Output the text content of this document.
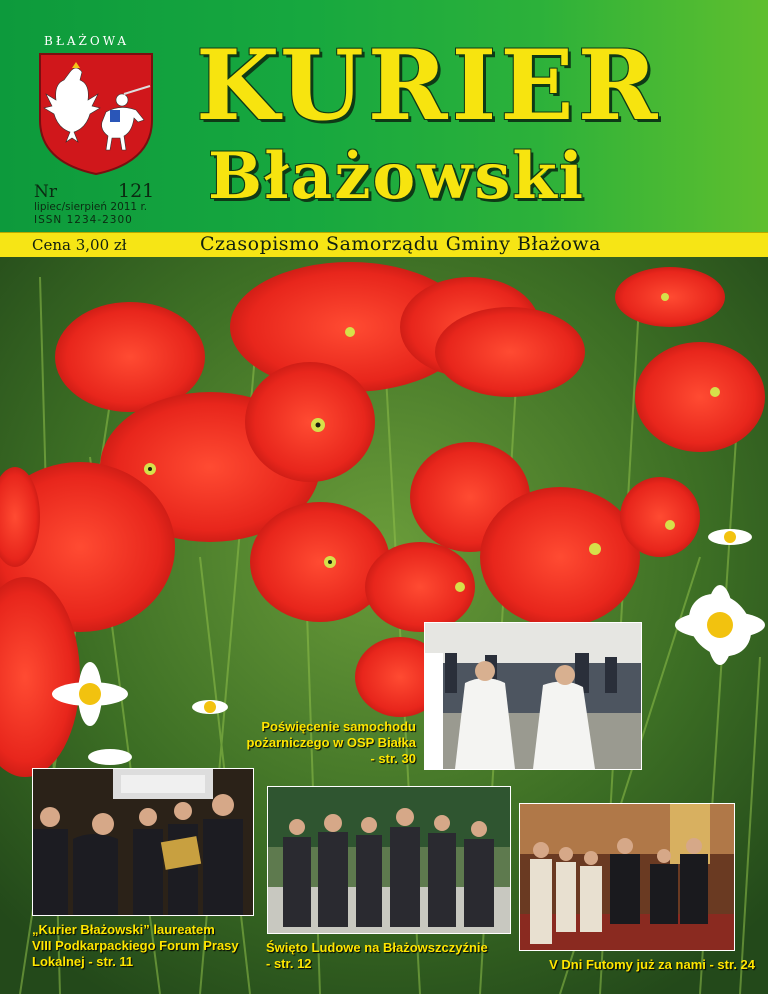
BŁAŻOWA
Nr	121
lipiec/sierpień 2011 r.
ISSN 1234-2300
KURIER
Błażowski
Cena 3,00 zł	Czasopismo Samorządu Gminy Błażowa
Poświęcenie samochodu
pożarniczego w OSP Białka
- str. 30
„Kurier Błażowski” laureatem
VIII Podkarpackiego Forum Prasy
Lokalnej - str. 11
Święto Ludowe na Błażowszczyźnie
- str. 12	V Dni Futomy już za nami - str. 24
